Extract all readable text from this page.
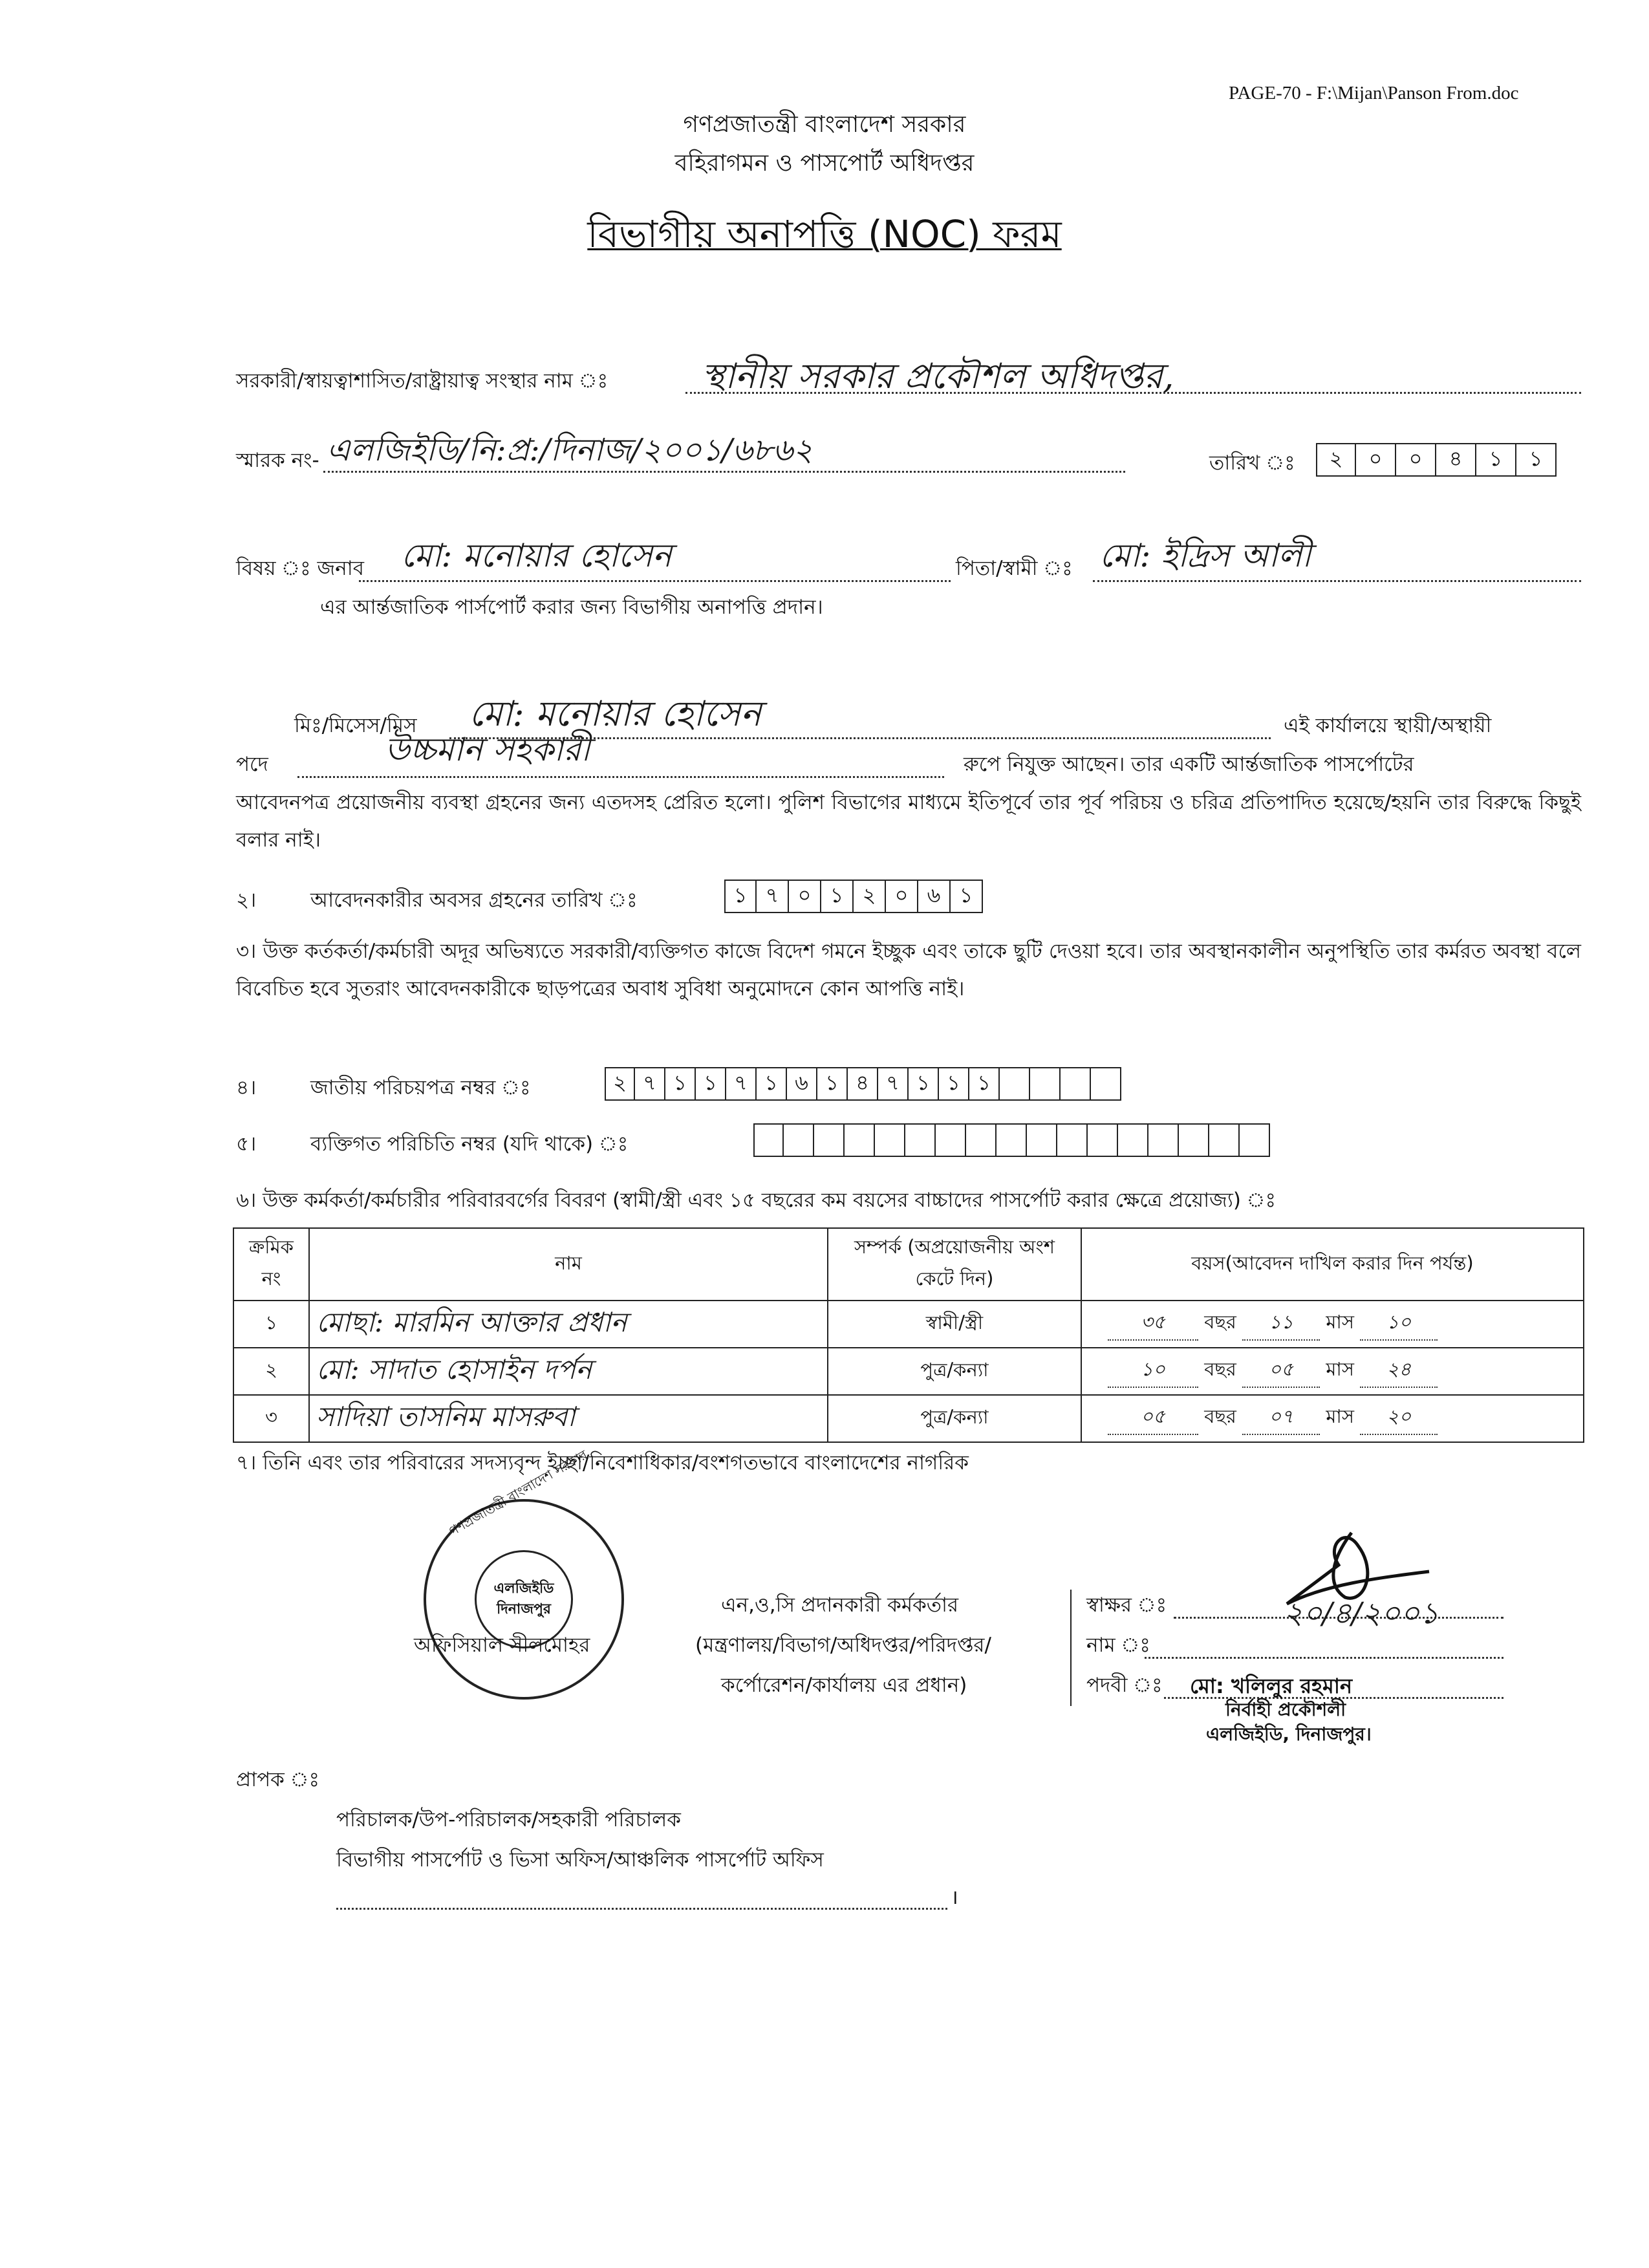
PAGE-70 - F:\Mijan\Panson From.doc
গণপ্রজাতন্ত্রী বাংলাদেশ সরকার
বহিরাগমন ও পাসপোর্ট অধিদপ্তর
বিভাগীয় অনাপত্তি (NOC) ফরম
সরকারী/স্বায়ত্বাশাসিত/রাষ্ট্রায়াত্ব সংস্থার নাম ঃ	স্থানীয় সরকার প্রকৌশল অধিদপ্তর,
স্মারক নং- এলজিইডি/নি:প্র:/দিনাজ/২০০১/৬৮৬২	তারিখ ঃ	২	০	০	৪	১	১
বিষয় ঃ জনাব মো: মনোয়ার হোসেন	পিতা/স্বামী ঃ মো: ইদ্রিস আলী
এর আর্ন্তজাতিক পার্সপোর্ট করার জন্য বিভাগীয় অনাপত্তি প্রদান।
মিঃ/মিসেস/মিস মো: মনোয়ার হোসেন	এই কার্যালয়ে স্থায়ী/অস্থায়ী
পদে	উচ্চমান সহকারী	রুপে নিযুক্ত আছেন। তার একটি আর্ন্তজাতিক পাসর্পোটের
আবেদনপত্র প্রয়োজনীয় ব্যবস্থা গ্রহনের জন্য এতদসহ প্রেরিত হলো। পুলিশ বিভাগের মাধ্যমে ইতিপূর্বে তার পূর্ব পরিচয় ও চরিত্র প্রতিপাদিত হয়েছে/হয়নি তার বিরুদ্ধে কিছুই বলার নাই।
২।	আবেদনকারীর অবসর গ্রহনের তারিখ ঃ	১ ৭ ০ ১ ২ ০ ৬ ১
৩। উক্ত কর্তকর্তা/কর্মচারী অদূর অভিষ্যতে সরকারী/ব্যক্তিগত কাজে বিদেশ গমনে ইচ্ছুক এবং তাকে ছুটি দেওয়া হবে। তার অবস্থানকালীন অনুপস্থিতি তার কর্মরত অবস্থা বলে বিবেচিত হবে সুতরাং আবেদনকারীকে ছাড়পত্রের অবাধ সুবিধা অনুমোদনে কোন আপত্তি নাই।
৪।	জাতীয় পরিচয়পত্র নম্বর ঃ	২ ৭ ১ ১ ৭ ১ ৬ ১ ৪ ৭ ১ ১ ১
৫।	ব্যক্তিগত পরিচিতি নম্বর (যদি থাকে) ঃ
৬। উক্ত কর্মকর্তা/কর্মচারীর পরিবারবর্গের বিবরণ (স্বামী/স্ত্রী এবং ১৫ বছরের কম বয়সের বাচ্চাদের পাসর্পোট করার ক্ষেত্রে প্রয়োজ্য) ঃ
ক্রমিক নং	নাম	সম্পর্ক (অপ্রয়োজনীয় অংশ কেটে দিন)	বয়স(আবেদন দাখিল করার দিন পর্যন্ত)
১	মোছা: মারমিন আক্তার প্রধান	স্বামী/স্ত্রী	৩৫ বছর ১১ মাস ১০
২	মো: সাদাত হোসাইন দর্পন	পুত্র/কন্যা	১০ বছর ০৫ মাস ২৪
৩	সাদিয়া তাসনিম মাসরুবা	পুত্র/কন্যা	০৫ বছর ০৭ মাস ২০
৭। তিনি এবং তার পরিবারের সদস্যবৃন্দ ইচ্ছা/নিবেশাধিকার/বংশগতভাবে বাংলাদেশের নাগরিক
গণপ্রজাতন্ত্রী বাংলাদেশ সরকার
এলজিইডি
দিনাজপুর
অফিসিয়াল সীলমোহর
এন,ও,সি প্রদানকারী কর্মকর্তার
(মন্ত্রণালয়/বিভাগ/অধিদপ্তর/পরিদপ্তর/
কর্পোরেশন/কার্যালয় এর প্রধান)
স্বাক্ষর ঃ	২০/৪/২০০১
নাম ঃ
পদবী ঃ মো: খলিলুর রহমান
নির্বাহী প্রকৌশলী
এলজিইডি, দিনাজপুর।
প্রাপক ঃ
পরিচালক/উপ-পরিচালক/সহকারী পরিচালক
বিভাগীয় পাসর্পোট ও ভিসা অফিস/আঞ্চলিক পাসর্পোট অফিস
।
